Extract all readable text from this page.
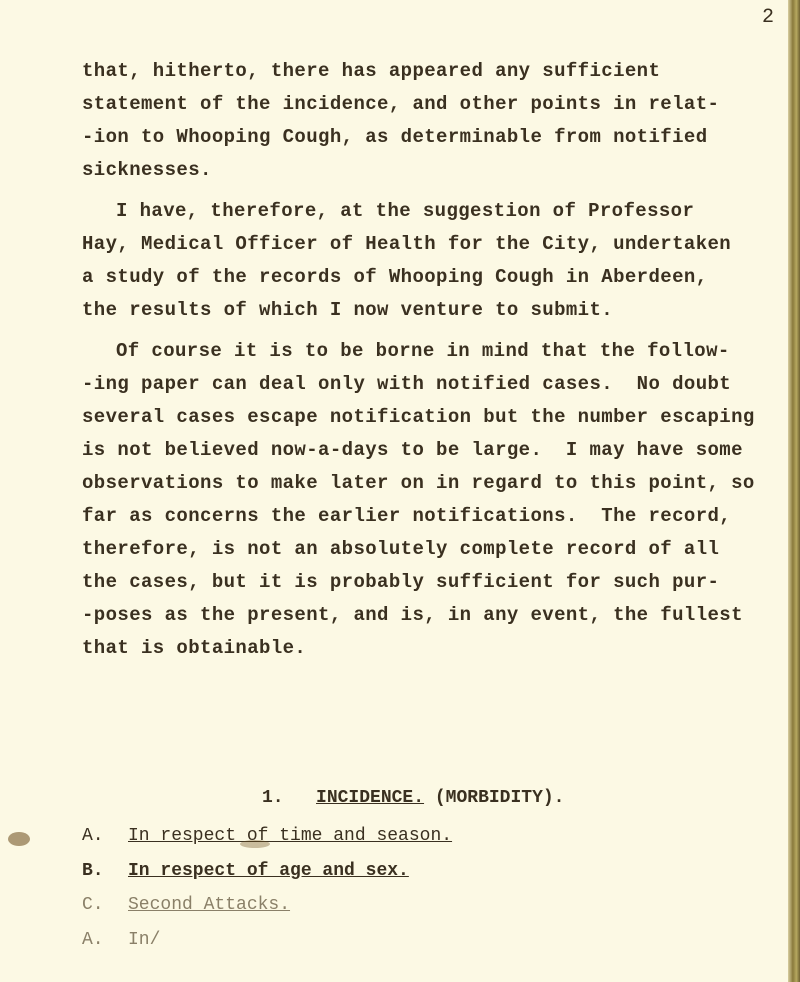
2
that, hitherto, there has appeared any sufficient
statement of the incidence, and other points in relat-
-ion to Whooping Cough, as determinable from notified
sicknesses.
I have, therefore, at the suggestion of Professor
Hay, Medical Officer of Health for the City, undertaken
a study of the records of Whooping Cough in Aberdeen,
the results of which I now venture to submit.
Of course it is to be borne in mind that the follow-
-ing paper can deal only with notified cases.  No doubt
several cases escape notification but the number escaping
is not believed now-a-days to be large.  I may have some
observations to make later on in regard to this point, so
far as concerns the earlier notifications.  The record,
therefore, is not an absolutely complete record of all
the cases, but it is probably sufficient for such pur-
-poses as the present, and is, in any event, the fullest
that is obtainable.
1. INCIDENCE. (MORBIDITY).
A. In respect of time and season.
B. In respect of age and sex.
C. Second Attacks.
A. In/
